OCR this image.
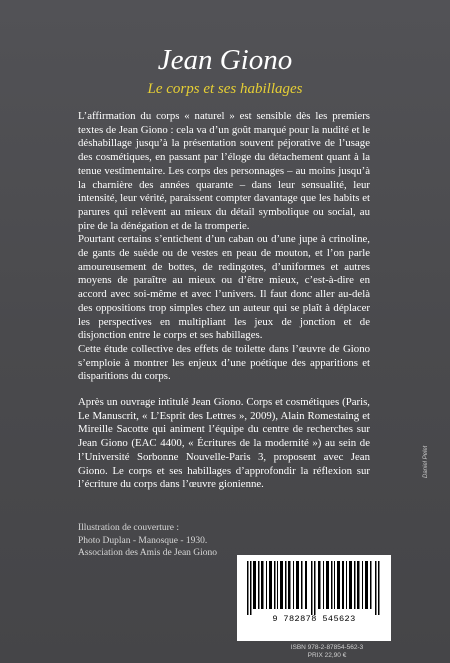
Jean Giono
Le corps et ses habillages

L’affirmation du corps « naturel » est sensible dès les premiers textes de Jean Giono : cela va d’un goût marqué pour la nudité et le déshabillage jusqu’à la présentation souvent péjorative de l’usage des cosmétiques, en passant par l’éloge du détachement quant à la tenue vestimentaire. Les corps des personnages – au moins jusqu’à la charnière des années quarante – dans leur sensualité, leur intensité, leur vérité, paraissent compter davantage que les habits et parures qui relèvent au mieux du détail symbolique ou social, au pire de la dénégation et de la tromperie.

Pourtant certains s’entichent d’un caban ou d’une jupe à crinoline, de gants de suède ou de vestes en peau de mouton, et l’on parle amoureusement de bottes, de redingotes, d’uniformes et autres moyens de paraître au mieux ou d’être mieux, c’est-à-dire en accord avec soi-même et avec l’univers. Il faut donc aller au-delà des oppositions trop simples chez un auteur qui se plaît à déplacer les perspectives en multipliant les jeux de jonction et de disjonction entre le corps et ses habillages.

Cette étude collective des effets de toilette dans l’œuvre de Giono s’emploie à montrer les enjeux d’une poétique des apparitions et disparitions du corps.

Après un ouvrage intitulé Jean Giono. Corps et cosmétiques (Paris, Le Manuscrit, « L’Esprit des Lettres », 2009), Alain Romestaing et Mireille Sacotte qui animent l’équipe du centre de recherches sur Jean Giono (EAC 4400, « Écritures de la modernité ») au sein de l’Université Sorbonne Nouvelle-Paris 3, proposent avec Jean Giono. Le corps et ses habillages d’approfondir la réflexion sur l’écriture du corps dans l’œuvre gionienne.

Illustration de couverture :
Photo Duplan - Manosque - 1930.
Association des Amis de Jean Giono
9 782878 545623
ISBN 978-2-87854-562-3
PRIX 22,90 €
Daniel Pelet
